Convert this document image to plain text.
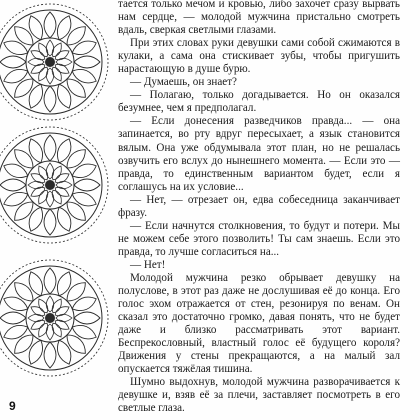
тается только мечом и кровью, либо захочет сразу вырвать нам сердце, — молодой мужчина пристально смотреть вдаль, сверкая светлыми глазами.

При этих словах руки девушки сами собой сжимаются в кулаки, а сама она стискивает зубы, чтобы пригушить нарастающую в душе бурю.

— Думаешь, он знает?

— Полагаю, только догадывается. Но он оказался безумнее, чем я предполагал.

— Если донесения разведчиков правда... — она запинается, во рту вдруг пересыхает, а язык становится вялым. Она уже обдумывала этот план, но не решалась озвучить его вслух до нынешнего момента. — Если это — правда, то единственным вариантом будет, если я соглашусь на их условие...

— Нет, — отрезает он, едва собеседница заканчивает фразу.

— Если начнутся столкновения, то будут и потери. Мы не можем себе этого позволить! Ты сам знаешь. Если это правда, то лучше согласиться на...

— Нет!

Молодой мужчина резко обрывает девушку на полуслове, в этот раз даже не дослушивая её до конца. Его голос эхом отражается от стен, резонируя по венам. Он сказал это достаточно громко, давая понять, что не будет даже и близко рассматривать этот вариант. Беспрекословный, властный голос её будущего короля? Движения у стены прекращаются, а на малый зал опускается тяжёлая тишина.

Шумно выдохнув, молодой мужчина разворачивается к девушке и, взяв её за плечи, заставляет посмотреть в его светлые глаза.

9
